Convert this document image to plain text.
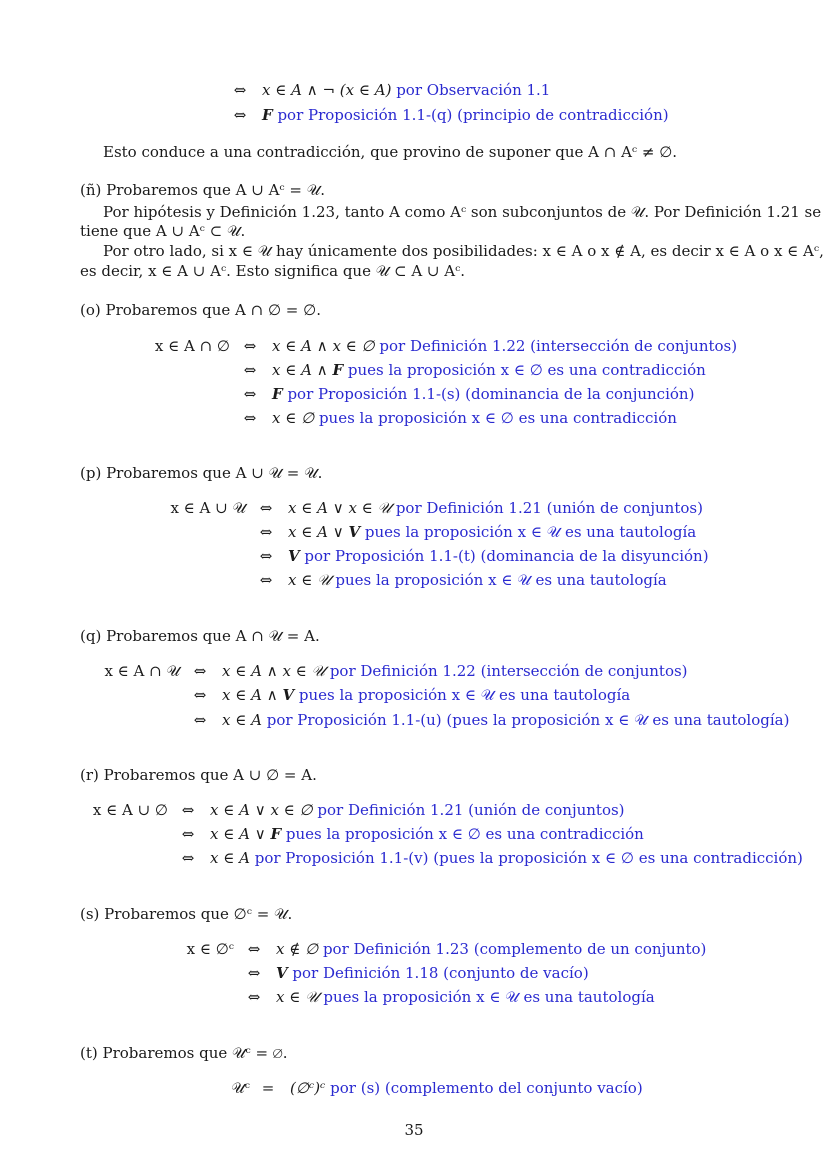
⇔	x ∈ A ∧ ¬ (x ∈ A) por Observación 1.1
⇔	F por Proposición 1.1-(q) (principio de contradicción)
Esto conduce a una contradicción, que provino de suponer que A ∩ Aᶜ ≠ ∅.
(ñ) Probaremos que A ∪ Aᶜ = 𝒰.
Por hipótesis y Definición 1.23, tanto A como Aᶜ son subconjuntos de 𝒰. Por Definición 1.21 se
tiene que A ∪ Aᶜ ⊂ 𝒰.
Por otro lado, si x ∈ 𝒰 hay únicamente dos posibilidades: x ∈ A o x ∉ A, es decir x ∈ A o x ∈ Aᶜ,
es decir, x ∈ A ∪ Aᶜ. Esto significa que 𝒰 ⊂ A ∪ Aᶜ.
(o) Probaremos que A ∩ ∅ = ∅.
x ∈ A ∩ ∅ ⇔	x ∈ A ∧ x ∈ ∅ por Definición 1.22 (intersección de conjuntos)
⇔	x ∈ A ∧ F pues la proposición x ∈ ∅ es una contradicción
⇔	F por Proposición 1.1-(s) (dominancia de la conjunción)
⇔	x ∈ ∅ pues la proposición x ∈ ∅ es una contradicción
(p) Probaremos que A ∪ 𝒰 = 𝒰.
x ∈ A ∪ 𝒰 ⇔	x ∈ A ∨ x ∈ 𝒰 por Definición 1.21 (unión de conjuntos)
⇔	x ∈ A ∨ V pues la proposición x ∈ 𝒰 es una tautología
⇔	V por Proposición 1.1-(t) (dominancia de la disyunción)
⇔	x ∈ 𝒰 pues la proposición x ∈ 𝒰 es una tautología
(q) Probaremos que A ∩ 𝒰 = A.
x ∈ A ∩ 𝒰 ⇔	x ∈ A ∧ x ∈ 𝒰 por Definición 1.22 (intersección de conjuntos)
⇔	x ∈ A ∧ V pues la proposición x ∈ 𝒰 es una tautología
⇔	x ∈ A por Proposición 1.1-(u) (pues la proposición x ∈ 𝒰 es una tautología)
(r) Probaremos que A ∪ ∅ = A.
x ∈ A ∪ ∅ ⇔	x ∈ A ∨ x ∈ ∅ por Definición 1.21 (unión de conjuntos)
⇔	x ∈ A ∨ F pues la proposición x ∈ ∅ es una contradicción
⇔	x ∈ A por Proposición 1.1-(v) (pues la proposición x ∈ ∅ es una contradicción)
(s) Probaremos que ∅ᶜ = 𝒰.
x ∈ ∅ᶜ ⇔	x ∉ ∅ por Definición 1.23 (complemento de un conjunto)
⇔	V por Definición 1.18 (conjunto de vacío)
⇔	x ∈ 𝒰 pues la proposición x ∈ 𝒰 es una tautología
(t) Probaremos que 𝒰ᶜ = ∅.
𝒰ᶜ =	(∅ᶜ)ᶜ por (s) (complemento del conjunto vacío)
35
